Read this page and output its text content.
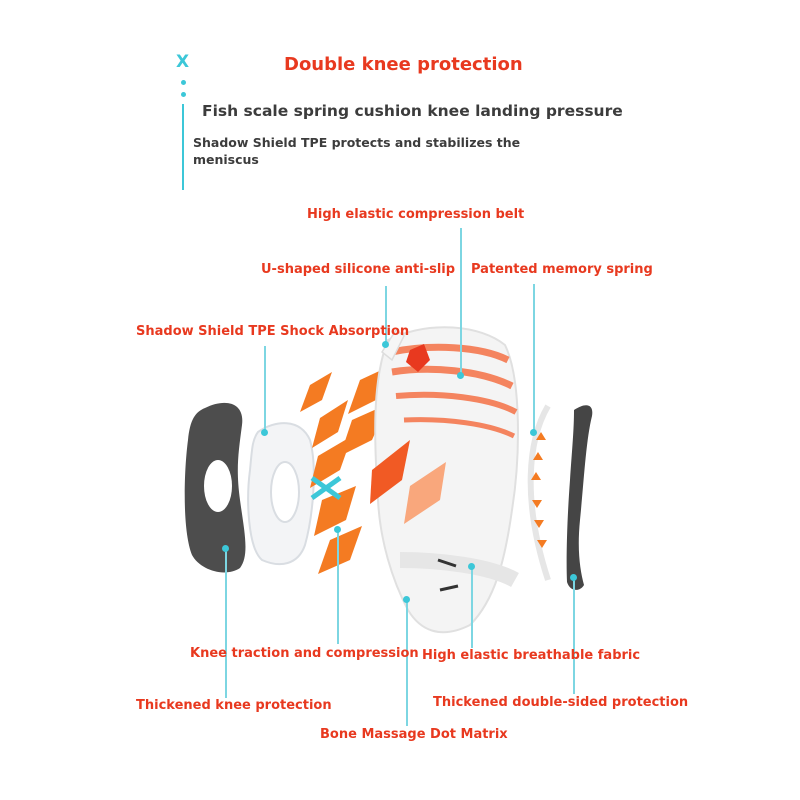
X	Double knee protection
Fish scale spring cushion knee landing pressure
Shadow Shield TPE protects and stabilizes the meniscus
High elastic compression belt
U-shaped silicone anti-slip Patented memory spring
Shadow Shield TPE Shock Absorption
Knee traction and compression High elastic breathable fabric
Thickened knee protection	Thickened double-sided protection
Bone Massage Dot Matrix
